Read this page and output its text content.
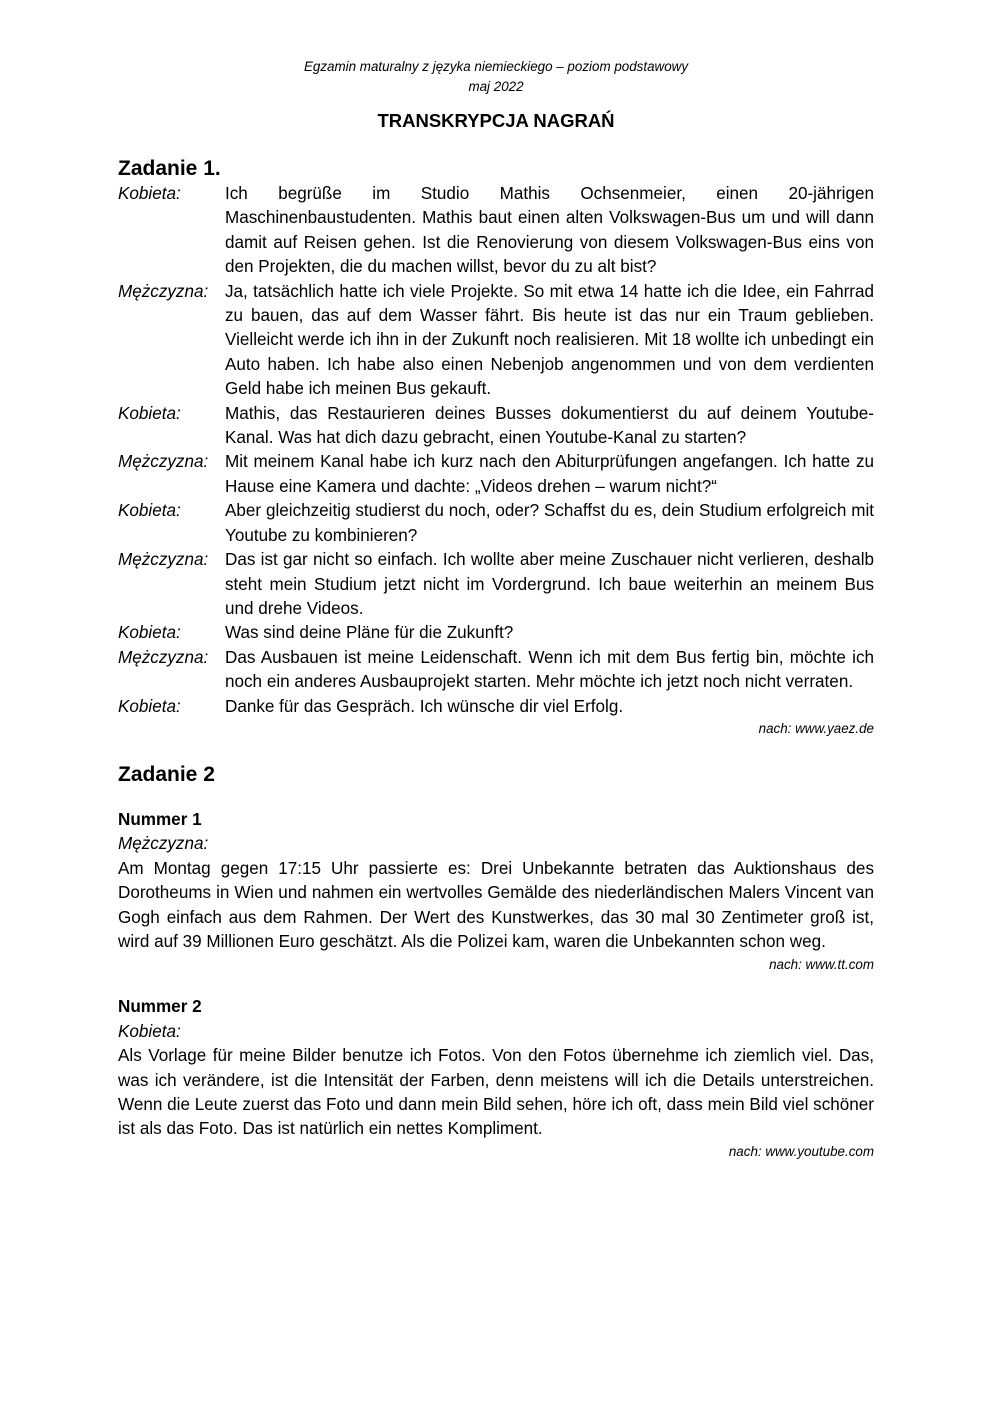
Egzamin maturalny z języka niemieckiego – poziom podstawowy
maj 2022
TRANSKRYPCJA NAGRAŃ
Zadanie 1.
Kobieta:	Ich begrüße im Studio Mathis Ochsenmeier, einen 20-jährigen Maschinenbaustudenten. Mathis baut einen alten Volkswagen-Bus um und will dann damit auf Reisen gehen. Ist die Renovierung von diesem Volkswagen-Bus eins von den Projekten, die du machen willst, bevor du zu alt bist?
Mężczyzna: Ja, tatsächlich hatte ich viele Projekte. So mit etwa 14 hatte ich die Idee, ein Fahrrad zu bauen, das auf dem Wasser fährt. Bis heute ist das nur ein Traum geblieben. Vielleicht werde ich ihn in der Zukunft noch realisieren. Mit 18 wollte ich unbedingt ein Auto haben. Ich habe also einen Nebenjob angenommen und von dem verdienten Geld habe ich meinen Bus gekauft.
Kobieta:	Mathis, das Restaurieren deines Busses dokumentierst du auf deinem Youtube-Kanal. Was hat dich dazu gebracht, einen Youtube-Kanal zu starten?
Mężczyzna: Mit meinem Kanal habe ich kurz nach den Abiturprüfungen angefangen. Ich hatte zu Hause eine Kamera und dachte: „Videos drehen – warum nicht?“
Kobieta:	Aber gleichzeitig studierst du noch, oder? Schaffst du es, dein Studium erfolgreich mit Youtube zu kombinieren?
Mężczyzna: Das ist gar nicht so einfach. Ich wollte aber meine Zuschauer nicht verlieren, deshalb steht mein Studium jetzt nicht im Vordergrund. Ich baue weiterhin an meinem Bus und drehe Videos.
Kobieta:	Was sind deine Pläne für die Zukunft?
Mężczyzna: Das Ausbauen ist meine Leidenschaft. Wenn ich mit dem Bus fertig bin, möchte ich noch ein anderes Ausbauprojekt starten. Mehr möchte ich jetzt noch nicht verraten.
Kobieta:	Danke für das Gespräch. Ich wünsche dir viel Erfolg.
nach: www.yaez.de
Zadanie 2
Nummer 1
Mężczyzna:
Am Montag gegen 17:15 Uhr passierte es: Drei Unbekannte betraten das Auktionshaus des Dorotheums in Wien und nahmen ein wertvolles Gemälde des niederländischen Malers Vincent van Gogh einfach aus dem Rahmen. Der Wert des Kunstwerkes, das 30 mal 30 Zentimeter groß ist, wird auf 39 Millionen Euro geschätzt. Als die Polizei kam, waren die Unbekannten schon weg.
nach: www.tt.com
Nummer 2
Kobieta:
Als Vorlage für meine Bilder benutze ich Fotos. Von den Fotos übernehme ich ziemlich viel. Das, was ich verändere, ist die Intensität der Farben, denn meistens will ich die Details unterstreichen. Wenn die Leute zuerst das Foto und dann mein Bild sehen, höre ich oft, dass mein Bild viel schöner ist als das Foto. Das ist natürlich ein nettes Kompliment.
nach: www.youtube.com
